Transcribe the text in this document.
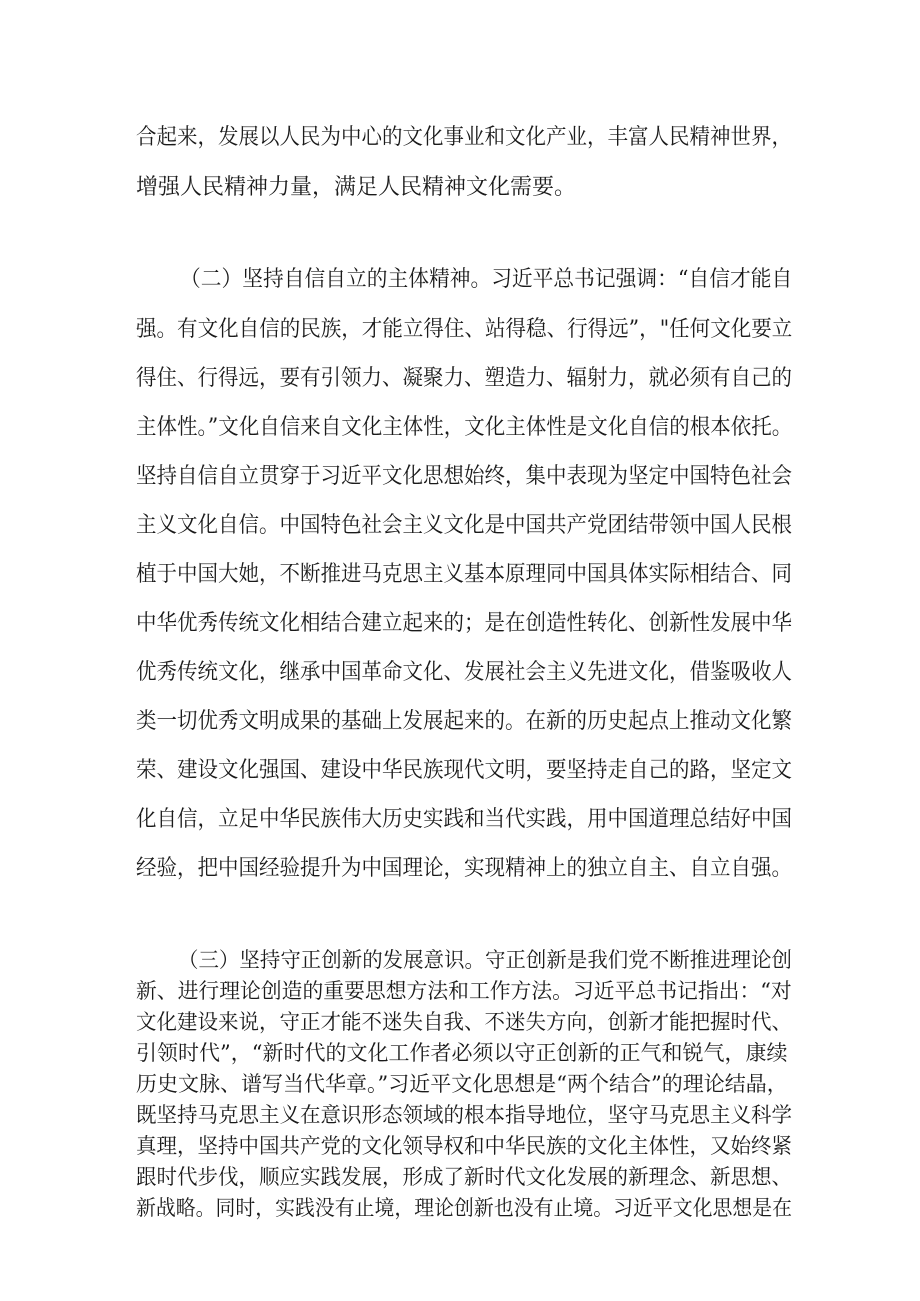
合起来，发展以人民为中心的文化事业和文化产业，丰富人民精神世界，
增强人民精神力量，满足人民精神文化需要。
（二）坚持自信自立的主体精神。习近平总书记强调：“自信才能自
强。有文化自信的民族，才能立得住、站得稳、行得远”，"任何文化要立
得住、行得远，要有引领力、凝聚力、塑造力、辐射力，就必须有自己的
主体性。”文化自信来自文化主体性，文化主体性是文化自信的根本依托。
坚持自信自立贯穿于习近平文化思想始终，集中表现为坚定中国特色社会
主义文化自信。中国特色社会主义文化是中国共产党团结带领中国人民根
植于中国大她，不断推进马克思主义基本原理同中国具体实际相结合、同
中华优秀传统文化相结合建立起来的；是在创造性转化、创新性发展中华
优秀传统文化，继承中国革命文化、发展社会主义先进文化，借鉴吸收人
类一切优秀文明成果的基础上发展起来的。在新的历史起点上推动文化繁
荣、建设文化强国、建设中华民族现代文明，要坚持走自己的路，坚定文
化自信，立足中华民族伟大历史实践和当代实践，用中国道理总结好中国
经验，把中国经验提升为中国理论，实现精神上的独立自主、自立自强。
（三）坚持守正创新的发展意识。守正创新是我们党不断推进理论创
新、进行理论创造的重要思想方法和工作方法。习近平总书记指出：“对
文化建设来说，守正才能不迷失自我、不迷失方向，创新才能把握时代、
引领时代”，“新时代的文化工作者必须以守正创新的正气和锐气，康续
历史文脉、谱写当代华章。”习近平文化思想是“两个结合”的理论结晶，
既坚持马克思主义在意识形态领域的根本指导地位，坚守马克思主义科学
真理，坚持中国共产党的文化领导权和中华民族的文化主体性，又始终紧
跟时代步伐，顺应实践发展，形成了新时代文化发展的新理念、新思想、
新战略。同时，实践没有止境，理论创新也没有止境。习近平文化思想是在
